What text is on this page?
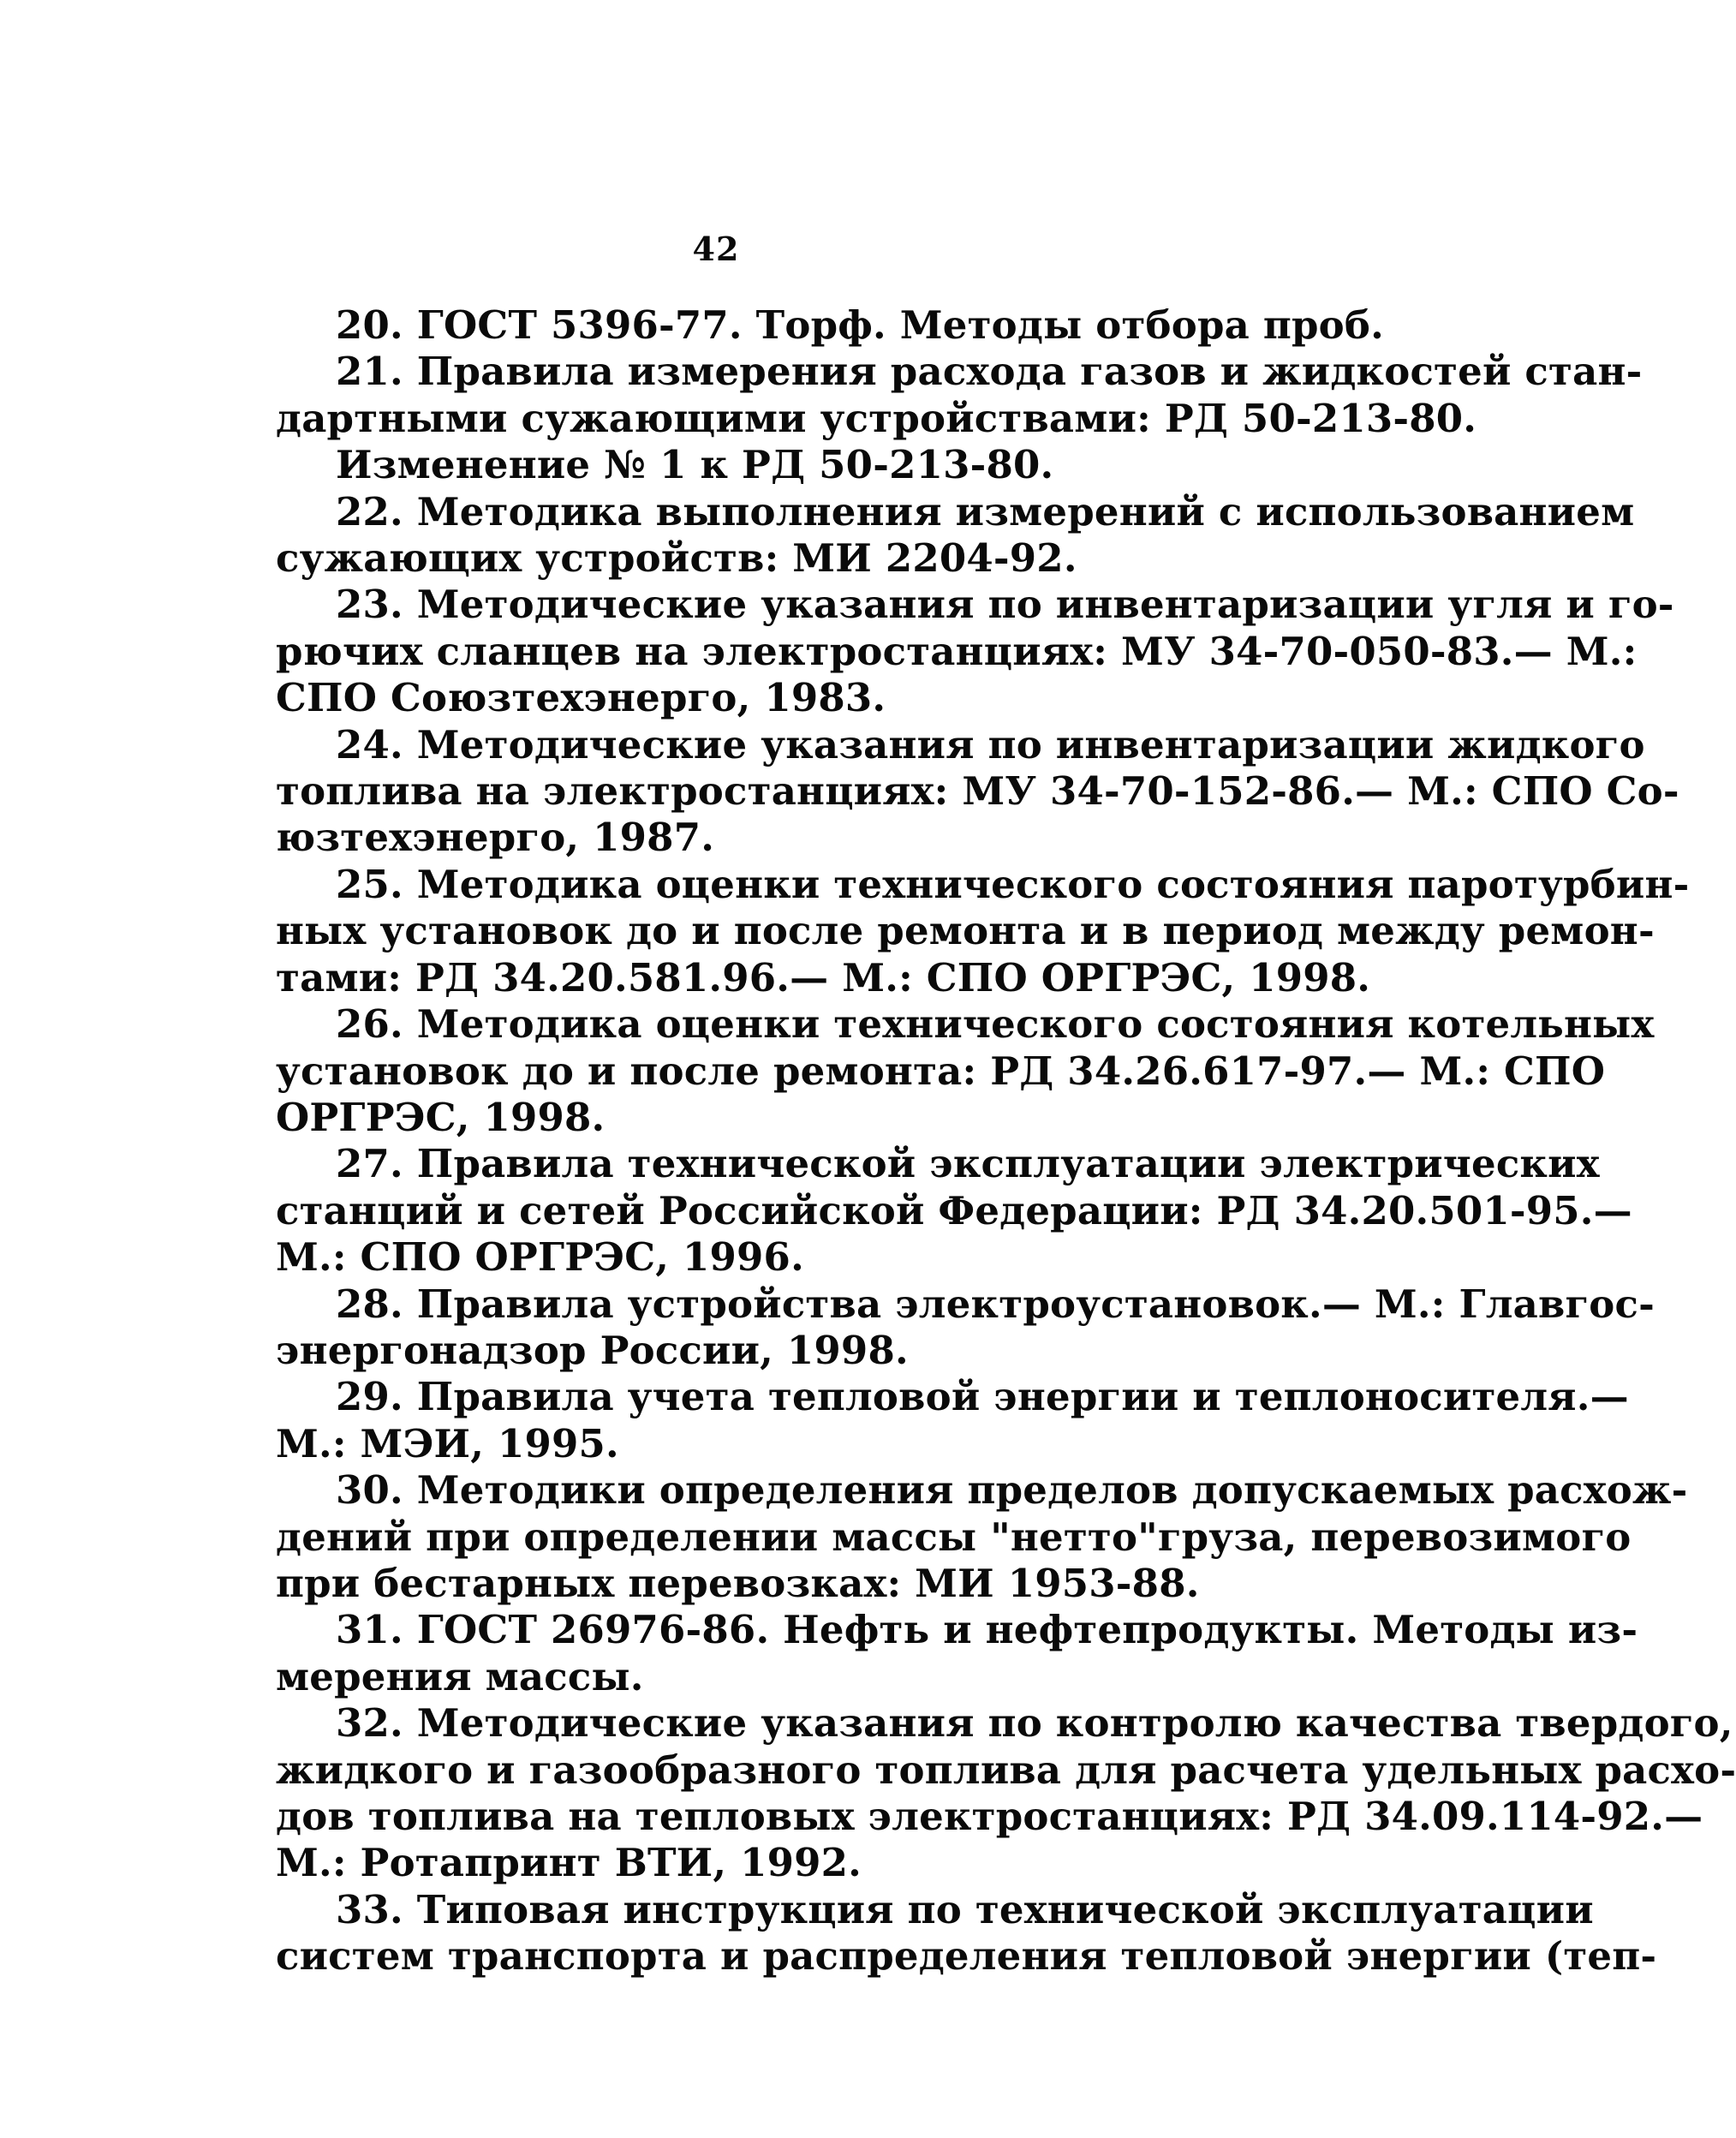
42

20. ГОСТ 5396-77. Торф. Методы отбора проб.

21. Правила измерения расхода газов и жидкостей стан-
дартными сужающими устройствами: РД 50-213-80.

Изменение № 1 к РД 50-213-80.

22. Методика выполнения измерений с использованием
сужающих устройств: МИ 2204-92.

23. Методические указания по инвентаризации угля и го-
рючих сланцев на электростанциях: МУ 34-70-050-83.— М.:
СПО Союзтехэнерго, 1983.

24. Методические указания по инвентаризации жидкого
топлива на электростанциях: МУ 34-70-152-86.— М.: СПО Со-
юзтехэнерго, 1987.

25. Методика оценки технического состояния паротурбин-
ных установок до и после ремонта и в период между ремон-
тами: РД 34.20.581.96.— М.: СПО ОРГРЭС, 1998.

26. Методика оценки технического состояния котельных
установок до и после ремонта: РД 34.26.617-97.— М.: СПО
ОРГРЭС, 1998.

27. Правила технической эксплуатации электрических
станций и сетей Российской Федерации: РД 34.20.501-95.—
М.: СПО ОРГРЭС, 1996.

28. Правила устройства электроустановок.— М.: Главгос-
энергонадзор России, 1998.

29. Правила учета тепловой энергии и теплоносителя.—
М.: МЭИ, 1995.

30. Методики определения пределов допускаемых расхож-
дений при определении массы "нетто"груза, перевозимого
при бестарных перевозках: МИ 1953-88.

31. ГОСТ 26976-86. Нефть и нефтепродукты. Методы из-
мерения массы.

32. Методические указания по контролю качества твердого,
жидкого и газообразного топлива для расчета удельных расхо-
дов топлива на тепловых электростанциях: РД 34.09.114-92.—
М.: Ротапринт ВТИ, 1992.

33. Типовая инструкция по технической эксплуатации
систем транспорта и распределения тепловой энергии (теп-
